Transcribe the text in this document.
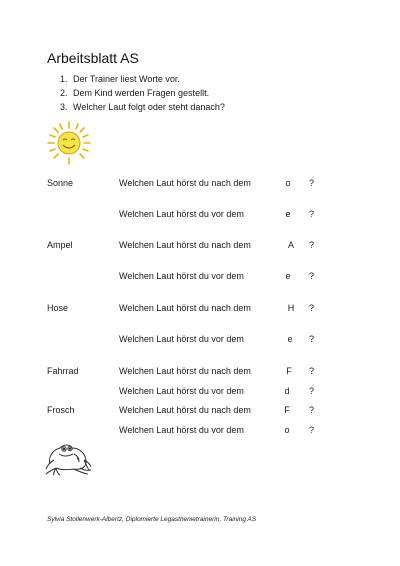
Arbeitsblatt AS
1. Der Trainer liest Worte vor.
2. Dem Kind werden Fragen gestellt.
3. Welcher Laut folgt oder steht danach?
Sonne	Welchen Laut hörst du nach dem	o	?
Welchen Laut hörst du vor dem	e	?
Ampel	Welchen Laut hörst du nach dem	A	?
Welchen Laut hörst du vor dem	e	?
Hose	Welchen Laut hörst du nach dem	H	?
Welchen Laut hörst du vor dem	e	?
Fahrrad	Welchen Laut hörst du nach dem	F	?
Welchen Laut hörst du vor dem	d	?
Frosch	Welchen Laut hörst du nach dem	F	?
Welchen Laut hörst du vor dem	o	?
Sylvia Stollenwerk-Albertz, Diplomierte Legasthenietrainerin, Training AS
